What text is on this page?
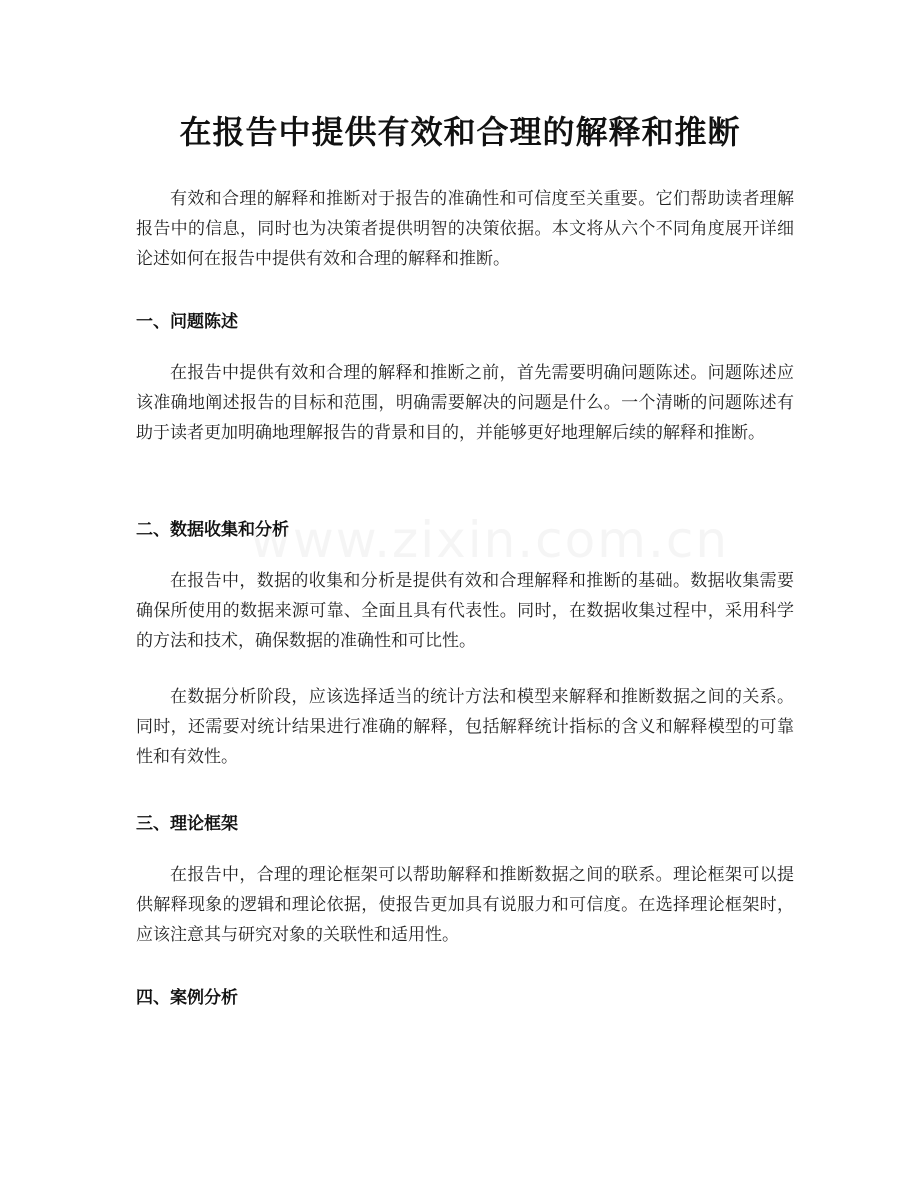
在报告中提供有效和合理的解释和推断

有效和合理的解释和推断对于报告的准确性和可信度至关重要。它们帮助读者理解报告中的信息，同时也为决策者提供明智的决策依据。本文将从六个不同角度展开详细论述如何在报告中提供有效和合理的解释和推断。

一、问题陈述

在报告中提供有效和合理的解释和推断之前，首先需要明确问题陈述。问题陈述应该准确地阐述报告的目标和范围，明确需要解决的问题是什么。一个清晰的问题陈述有助于读者更加明确地理解报告的背景和目的，并能够更好地理解后续的解释和推断。

二、数据收集和分析

在报告中，数据的收集和分析是提供有效和合理解释和推断的基础。数据收集需要确保所使用的数据来源可靠、全面且具有代表性。同时，在数据收集过程中，采用科学的方法和技术，确保数据的准确性和可比性。

在数据分析阶段，应该选择适当的统计方法和模型来解释和推断数据之间的关系。同时，还需要对统计结果进行准确的解释，包括解释统计指标的含义和解释模型的可靠性和有效性。

三、理论框架

在报告中，合理的理论框架可以帮助解释和推断数据之间的联系。理论框架可以提供解释现象的逻辑和理论依据，使报告更加具有说服力和可信度。在选择理论框架时，应该注意其与研究对象的关联性和适用性。

四、案例分析
www.zixin.com.cn
